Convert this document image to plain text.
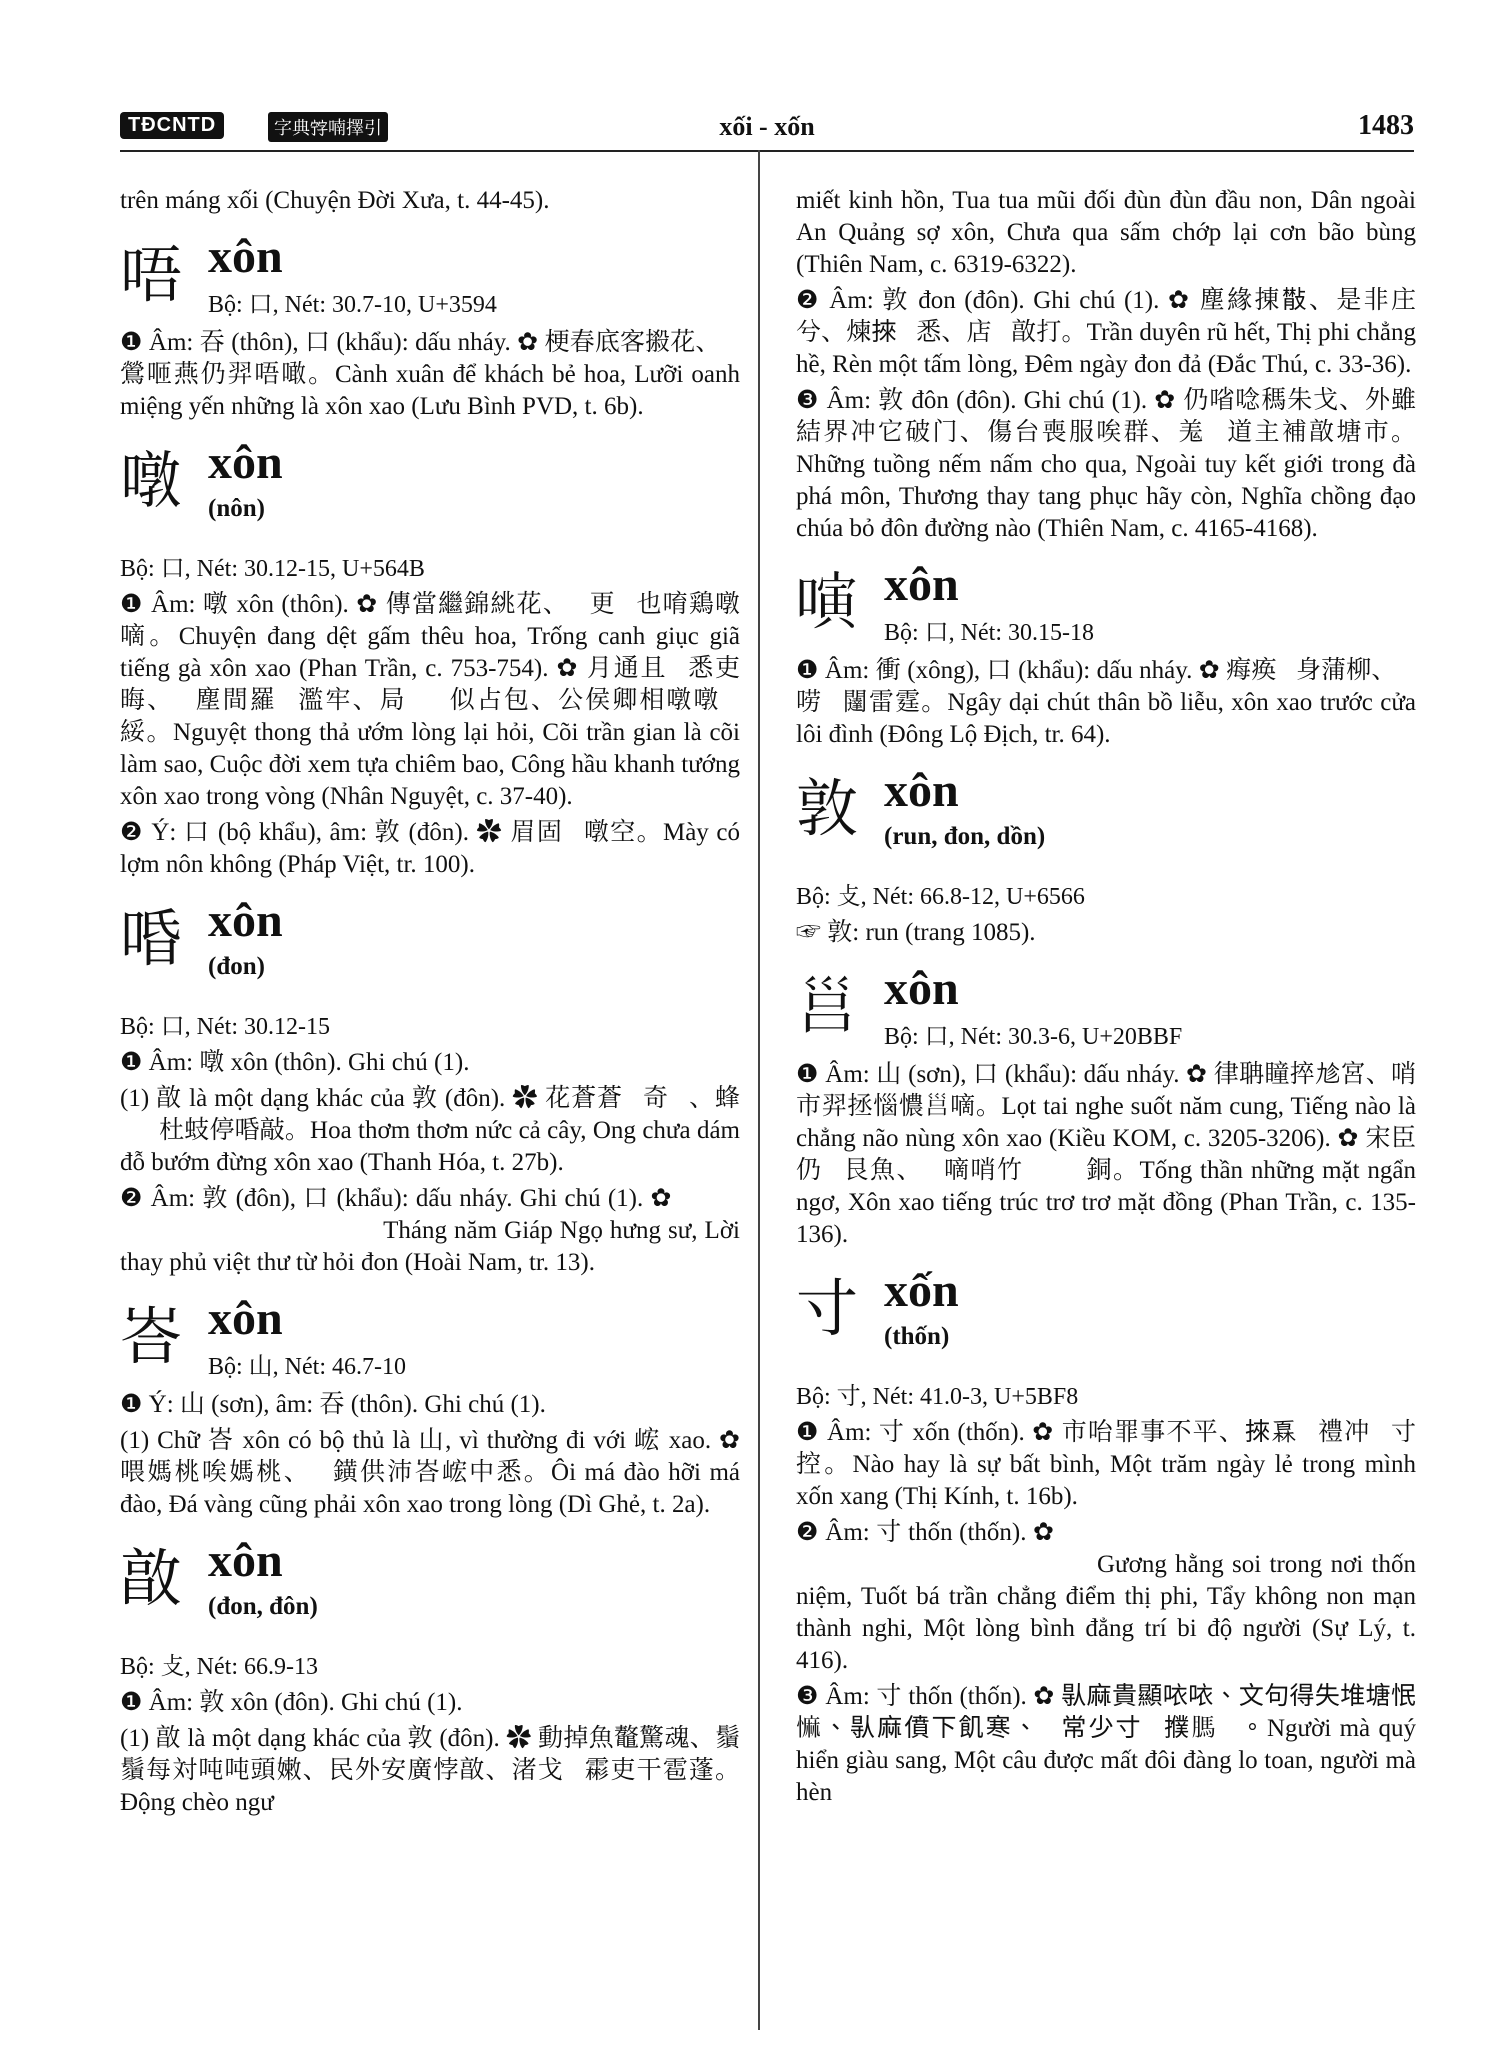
TĐCNTD	字典𡨸喃擇引	xối - xốn	1483

trên máng xối (Chuyện Đời Xưa, t. 44-45).

唔 xôn
Bộ: 口, Nét: 30.7-10, U+3594

❶ Âm: 吞 (thôn), 口 (khẩu): dấu nháy. ✿ 梗春底客摋花、𦧜鶯咂燕仍羿唔噉。Cành xuân để khách bẻ hoa, Lưỡi oanh miệng yến những là xôn xao (Lưu Bình PVD, t. 6b).

噋 xôn
(nôn)

Bộ: 口, Nét: 30.12-15, U+564B

❶ Âm: 噋 xôn (thôn). ✿ 傳當繼錦絩花、𦗚更𠰘也唷鶏噋嘀。Chuyện đang dệt gấm thêu hoa, Trống canh giục giã tiếng gà xôn xao (Phan Trần, c. 753-754). ✿ 月通且𠿃悉吏晦、𡎝塵間羅𡎝濫牢、局𦝄𠯇似占包、公侯卿相噋噋𦝄綏。Nguyệt thong thả ướm lòng lại hỏi, Cõi trần gian là cõi làm sao, Cuộc đời xem tựa chiêm bao, Công hầu khanh tướng xôn xao trong vòng (Nhân Nguyệt, c. 37-40).

❷ Ý: 口 (bộ khẩu), âm: 敦 (đôn). ✿ 眉固𡃍噋空。Mày có lợm nôn không (Pháp Việt, tr. 100).

㖧 xôn
(đon)

Bộ: 口, Nét: 30.12-15

❶ Âm: 噋 xôn (thôn). Ghi chú (1).

(1) 㪟 là một dạng khác của 敦 (đôn). ✿ 花蒼蒼𠿱奇𣘃、蜂𤞼𢢆杜蚑停㖧敲。Hoa thơm thơm nức cả cây, Ong chưa dám đỗ bướm đừng xôn xao (Thanh Hóa, t. 27b).

❷ Âm: 敦 (đôn), 口 (khẩu): dấu nháy. Ghi chú (1). ✿ 𣎃𢆥甲午興師、唎台斧鉞𠹾詞晦㖧。Tháng năm Giáp Ngọ hưng sư, Lời thay phủ việt thư từ hỏi đon (Hoài Nam, tr. 13).

峇 xôn
Bộ: 山, Nét: 46.7-10

❶ Ý: 山 (sơn), âm: 吞 (thôn). Ghi chú (1).

(1) Chữ 峇 xôn có bộ thủ là 山, vì thường đi với 峵 xao. ✿ 喂媽桃唉媽桃、𥒥鐄供沛峇峵中悉。Ôi má đào hỡi má đào, Đá vàng cũng phải xôn xao trong lòng (Dì Ghẻ, t. 2a).

㪟 xôn
(đon, đôn)

Bộ: 攴, Nét: 66.9-13

❶ Âm: 敦 xôn (đôn). Ghi chú (1).

(1) 㪟 là một dạng khác của 敦 (đôn). ✿ 動掉魚鼇驚魂、鬚鬚每対吨吨頭嫩、民外安廣悖㪟、渚戈𩅘霦吏干雹蓬。Động chèo ngư

miết kinh hồn, Tua tua mũi đối đùn đùn đầu non, Dân ngoài An Quảng sợ xôn, Chưa qua sấm chớp lại cơn bão bùng (Thiên Nam, c. 6319-6322).

❷ Âm: 敦 đon (đôn). Ghi chú (1). ✿ 塵緣㨂𢿨、是非庄兮、煉𢯦𢣃悉、店𣈗㪟打。Trần duyên rũ hết, Thị phi chẳng hề, Rèn một tấm lòng, Đêm ngày đon đả (Đắc Thú, c. 33-36).

❸ Âm: 敦 đôn (đôn). Ghi chú (1). ✿ 仍㗂唸𥡗朱戈、外雖結界冲它破门、傷台喪服唉群、羗𧾿道主補㪟塘市。Những tuồng nếm nấm cho qua, Ngoài tuy kết giới trong đà phá môn, Thương thay tang phục hãy còn, Nghĩa chồng đạo chúa bỏ đôn đường nào (Thiên Nam, c. 4165-4168).

𠻤 xôn
Bộ: 口, Nét: 30.15-18

❶ Âm: 衝 (xông), 口 (khẩu): dấu nháy. ✿ 痗痪𠃣身蒲柳、𠻤唠𡑝闥雷霆。Ngây dại chút thân bồ liễu, xôn xao trước cửa lôi đình (Đông Lộ Địch, tr. 64).

敦 xôn
(run, đon, dồn)

Bộ: 攴, Nét: 66.8-12, U+6566

☞ 敦: run (trang 1085).

𡿷 xôn
Bộ: 口, Nét: 30.3-6, U+20BBF

❶ Âm: 山 (sơn), 口 (khẩu): dấu nháy. ✿ 律聃瞳捽𠃩宮、哨市羿拯惱憹𡿷嘀。Lọt tai nghe suốt năm cung, Tiếng nào là chẳng não nùng xôn xao (Kiều KOM, c. 3205-3206). ✿ 宋臣仍𩈘艮魚、𡿷嘀哨竹𤞼𤞼𩈘銅。Tống thần những mặt ngẩn ngơ, Xôn xao tiếng trúc trơ trơ mặt đồng (Phan Trần, c. 135-136).

寸 xốn
(thốn)

Bộ: 寸, Nét: 41.0-3, U+5BF8

❶ Âm: 寸 xốn (thốn). ✿ 市咍罪事不平、𢯦𤾓𣈗禮冲𨉓寸控。Nào hay là sự bất bình, Một trăm ngày lẻ trong mình xốn xang (Thị Kính, t. 16b).

❷ Âm: 寸 thốn (thốn). ✿ 𠽖恒𤈞工尼寸念、悴播塵拯點是非、洗空嫩慢城疑、沒悉平等智悲度𠊛。Gương hằng soi trong nơi thốn niệm, Tuốt bá trần chẳng điểm thị phi, Tẩy không non mạn thành nghi, Một lòng bình đẳng trí bi độ người (Sự Lý, t. 416).

❸ Âm: 寸 thốn (thốn). ✿ 𠊛麻貴顯𠲖𠲖、文句得失堆塘怋𢠩、𠊛麻僨下飢寒、𨔾常少寸𣋇𢷏𦟐𨁪。Người mà quý hiển giàu sang, Một câu được mất đôi đàng lo toan, người mà hèn
